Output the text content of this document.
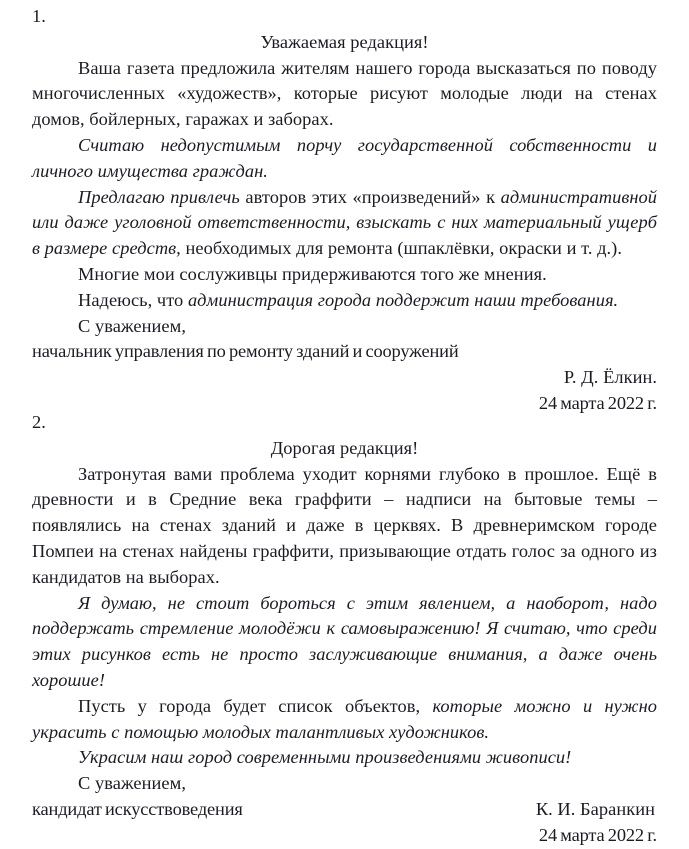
1.
Уважаемая редакция!

Ваша газета предложила жителям нашего города высказаться по поводу многочисленных «художеств», которые рисуют молодые люди на стенах домов, бойлерных, гаражах и заборах.

Считаю недопустимым порчу государственной собственности и личного имущества граждан.

Предлагаю привлечь авторов этих «произведений» к административной или даже уголовной ответственности, взыскать с них материальный ущерб в размере средств, необходимых для ремонта (шпаклёвки, окраски и т. д.).

Многие мои сослуживцы придерживаются того же мнения.

Надеюсь, что администрация города поддержит наши требования.

С уважением,

начальник управления по ремонту зданий и сооружений
Р. Д. Ёлкин.
24 марта 2022 г.
2.
Дорогая редакция!

Затронутая вами проблема уходит корнями глубоко в прошлое. Ещё в древности и в Средние века граффити – надписи на бытовые темы – появлялись на стенах зданий и даже в церквях. В древнеримском городе Помпеи на стенах найдены граффити, призывающие отдать голос за одного из кандидатов на выборах.

Я думаю, не стоит бороться с этим явлением, а наоборот, надо поддержать стремление молодёжи к самовыражению! Я считаю, что среди этих рисунков есть не просто заслуживающие внимания, а даже очень хорошие!

Пусть у города будет список объектов, которые можно и нужно украсить с помощью молодых талантливых художников.

Украсим наш город современными произведениями живописи!

С уважением,

кандидат искусствоведения	К. И. Баранкин
24 марта 2022 г.
